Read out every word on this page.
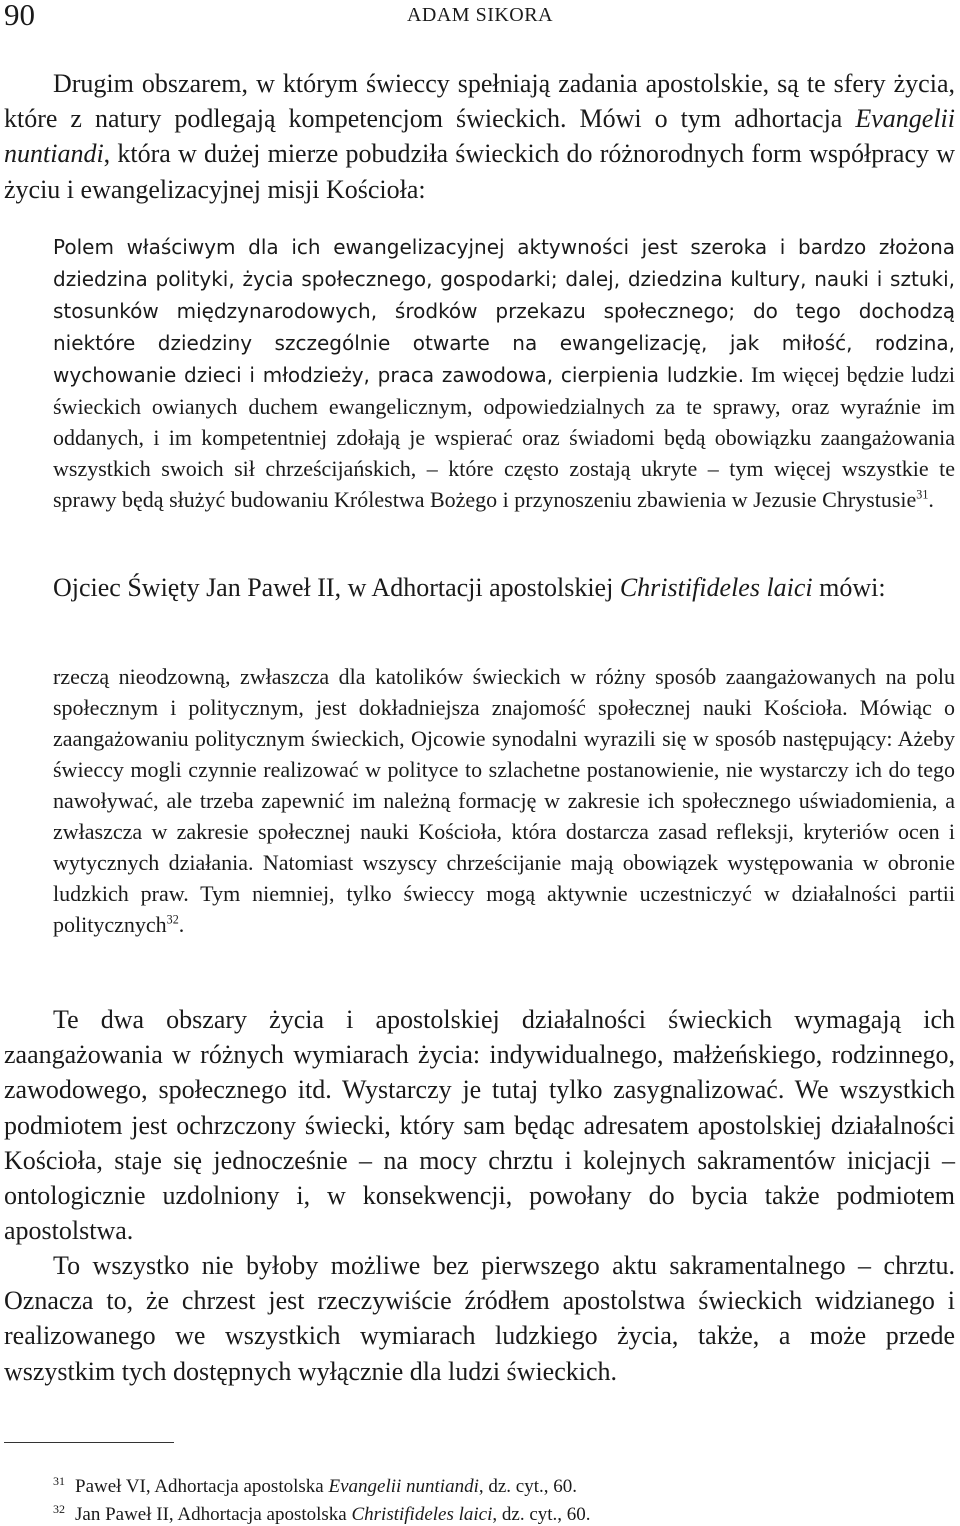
90	ADAM SIKORA

Drugim obszarem, w którym świeccy spełniają zadania apostolskie, są te sfery życia, które z natury podlegają kompetencjom świeckich. Mówi o tym adhortacja Evangelii nuntiandi, która w dużej mierze pobudziła świeckich do różnorodnych form współpracy w życiu i ewangelizacyjnej misji Kościoła:

Polem właściwym dla ich ewangelizacyjnej aktywności jest szeroka i bardzo złożona dziedzina polityki, życia społecznego, gospodarki; dalej, dziedzina kultury, nauki i sztuki, stosunków międzynarodowych, środków przekazu społecznego; do tego dochodzą niektóre dziedziny szczególnie otwarte na ewangelizację, jak miłość, rodzina, wychowanie dzieci i młodzieży, praca zawodowa, cierpienia ludzkie. Im więcej będzie ludzi świeckich owianych duchem ewangelicznym, odpowiedzialnych za te sprawy, oraz wyraźnie im oddanych, i im kompetentniej zdołają je wspierać oraz świadomi będą obowiązku zaangażowania wszystkich swoich sił chrześcijańskich, – które często zostają ukryte – tym więcej wszystkie te sprawy będą służyć budowaniu Królestwa Bożego i przynoszeniu zbawienia w Jezusie Chrystusie$^{31}$.

Ojciec Święty Jan Paweł II, w Adhortacji apostolskiej Christifideles laici mówi:

rzeczą nieodzowną, zwłaszcza dla katolików świeckich w różny sposób zaangażowanych na polu społecznym i politycznym, jest dokładniejsza znajomość społecznej nauki Kościoła. Mówiąc o zaangażowaniu politycznym świeckich, Ojcowie synodalni wyrazili się w sposób następujący: Ażeby świeccy mogli czynnie realizować w polityce to szlachetne postanowienie, nie wystarczy ich do tego nawoływać, ale trzeba zapewnić im należną formację w zakresie ich społecznego uświadomienia, a zwłaszcza w zakresie społecznej nauki Kościoła, która dostarcza zasad refleksji, kryteriów ocen i wytycznych działania. Natomiast wszyscy chrześcijanie mają obowiązek występowania w obronie ludzkich praw. Tym niemniej, tylko świeccy mogą aktywnie uczestniczyć w działalności partii politycznych$^{32}$.

Te dwa obszary życia i apostolskiej działalności świeckich wymagają ich zaangażowania w różnych wymiarach życia: indywidualnego, małżeńskiego, rodzinnego, zawodowego, społecznego itd. Wystarczy je tutaj tylko zasygnalizować. We wszystkich podmiotem jest ochrzczony świecki, który sam będąc adresatem apostolskiej działalności Kościoła, staje się jednocześnie – na mocy chrztu i kolejnych sakramentów inicjacji – ontologicznie uzdolniony i, w konsekwencji, powołany do bycia także podmiotem apostolstwa.

To wszystko nie byłoby możliwe bez pierwszego aktu sakramentalnego – chrztu. Oznacza to, że chrzest jest rzeczywiście źródłem apostolstwa świeckich widzianego i realizowanego we wszystkich wymiarach ludzkiego życia, także, a może przede wszystkim tych dostępnych wyłącznie dla ludzi świeckich.

$^{31}$ Paweł VI, Adhortacja apostolska Evangelii nuntiandi, dz. cyt., 60.
$^{32}$ Jan Paweł II, Adhortacja apostolska Christifideles laici, dz. cyt., 60.
